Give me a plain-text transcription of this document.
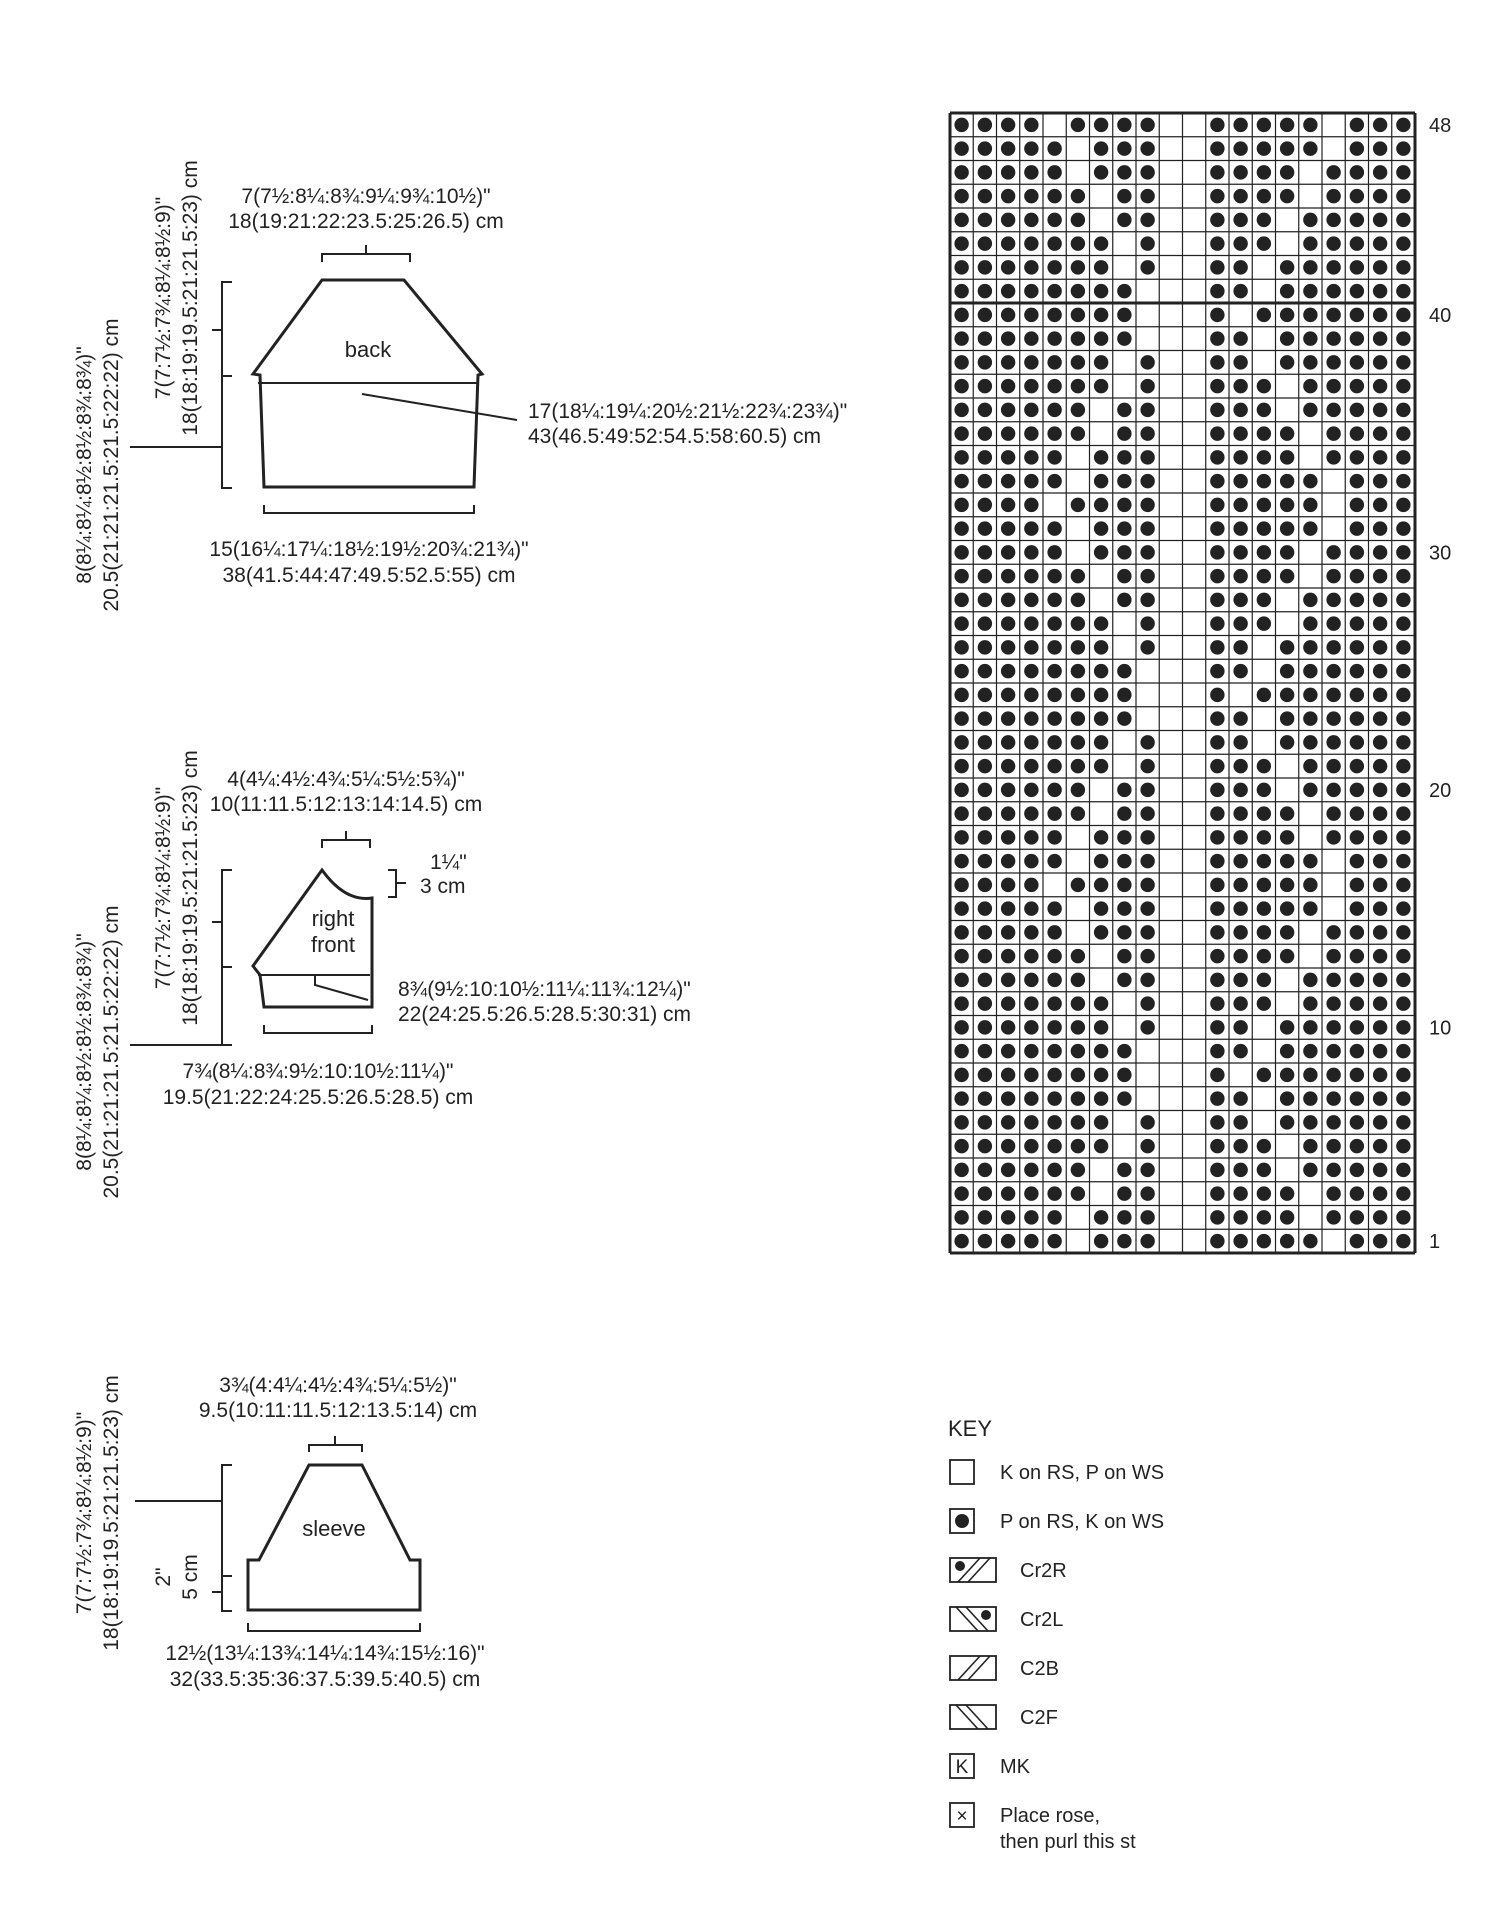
back
7(7½:8¼:8¾:9¼:9¾:10½)"
18(19:21:22:23.5:25:26.5) cm
17(18¼:19¼:20½:21½:22¾:23¾)"
43(46.5:49:52:54.5:58:60.5) cm
15(16¼:17¼:18½:19½:20¾:21¾)"
38(41.5:44:47:49.5:52.5:55) cm
7(7:7½:7¾:8¼:8½:9)" 18(18:19:19.5:21:21.5:23) cm
8(8¼:8¼:8½:8½:8¾:8¾)" 20.5(21:21:21.5:21.5:22:22) cm
right
front
4(4¼:4½:4¾:5¼:5½:5¾)"
10(11:11.5:12:13:14:14.5) cm
1¼"
3 cm
8¾(9½:10:10½:11¼:11¾:12¼)"
22(24:25.5:26.5:28.5:30:31) cm
7¾(8¼:8¾:9½:10:10½:11¼)"
19.5(21:22:24:25.5:26.5:28.5) cm
7(7:7½:7¾:8¼:8½:9)" 18(18:19:19.5:21:21.5:23) cm
8(8¼:8¼:8½:8½:8¾:8¾)" 20.5(21:21:21.5:21.5:22:22) cm
sleeve
3¾(4:4¼:4½:4¾:5¼:5½)"
9.5(10:11:11.5:12:13.5:14) cm
12½(13¼:13¾:14¼:14¾:15½:16)"
32(33.5:35:36:37.5:39.5:40.5) cm
2" 5 cm
7(7:7½:7¾:8¼:8½:9)" 18(18:19:19.5:21:21.5:23) cm
48
40
30
20
10
1
KEY
K on RS, P on WS
P on RS, K on WS
Cr2R
Cr2L
C2B
C2F
K MK
× Place rose,
then purl this st
